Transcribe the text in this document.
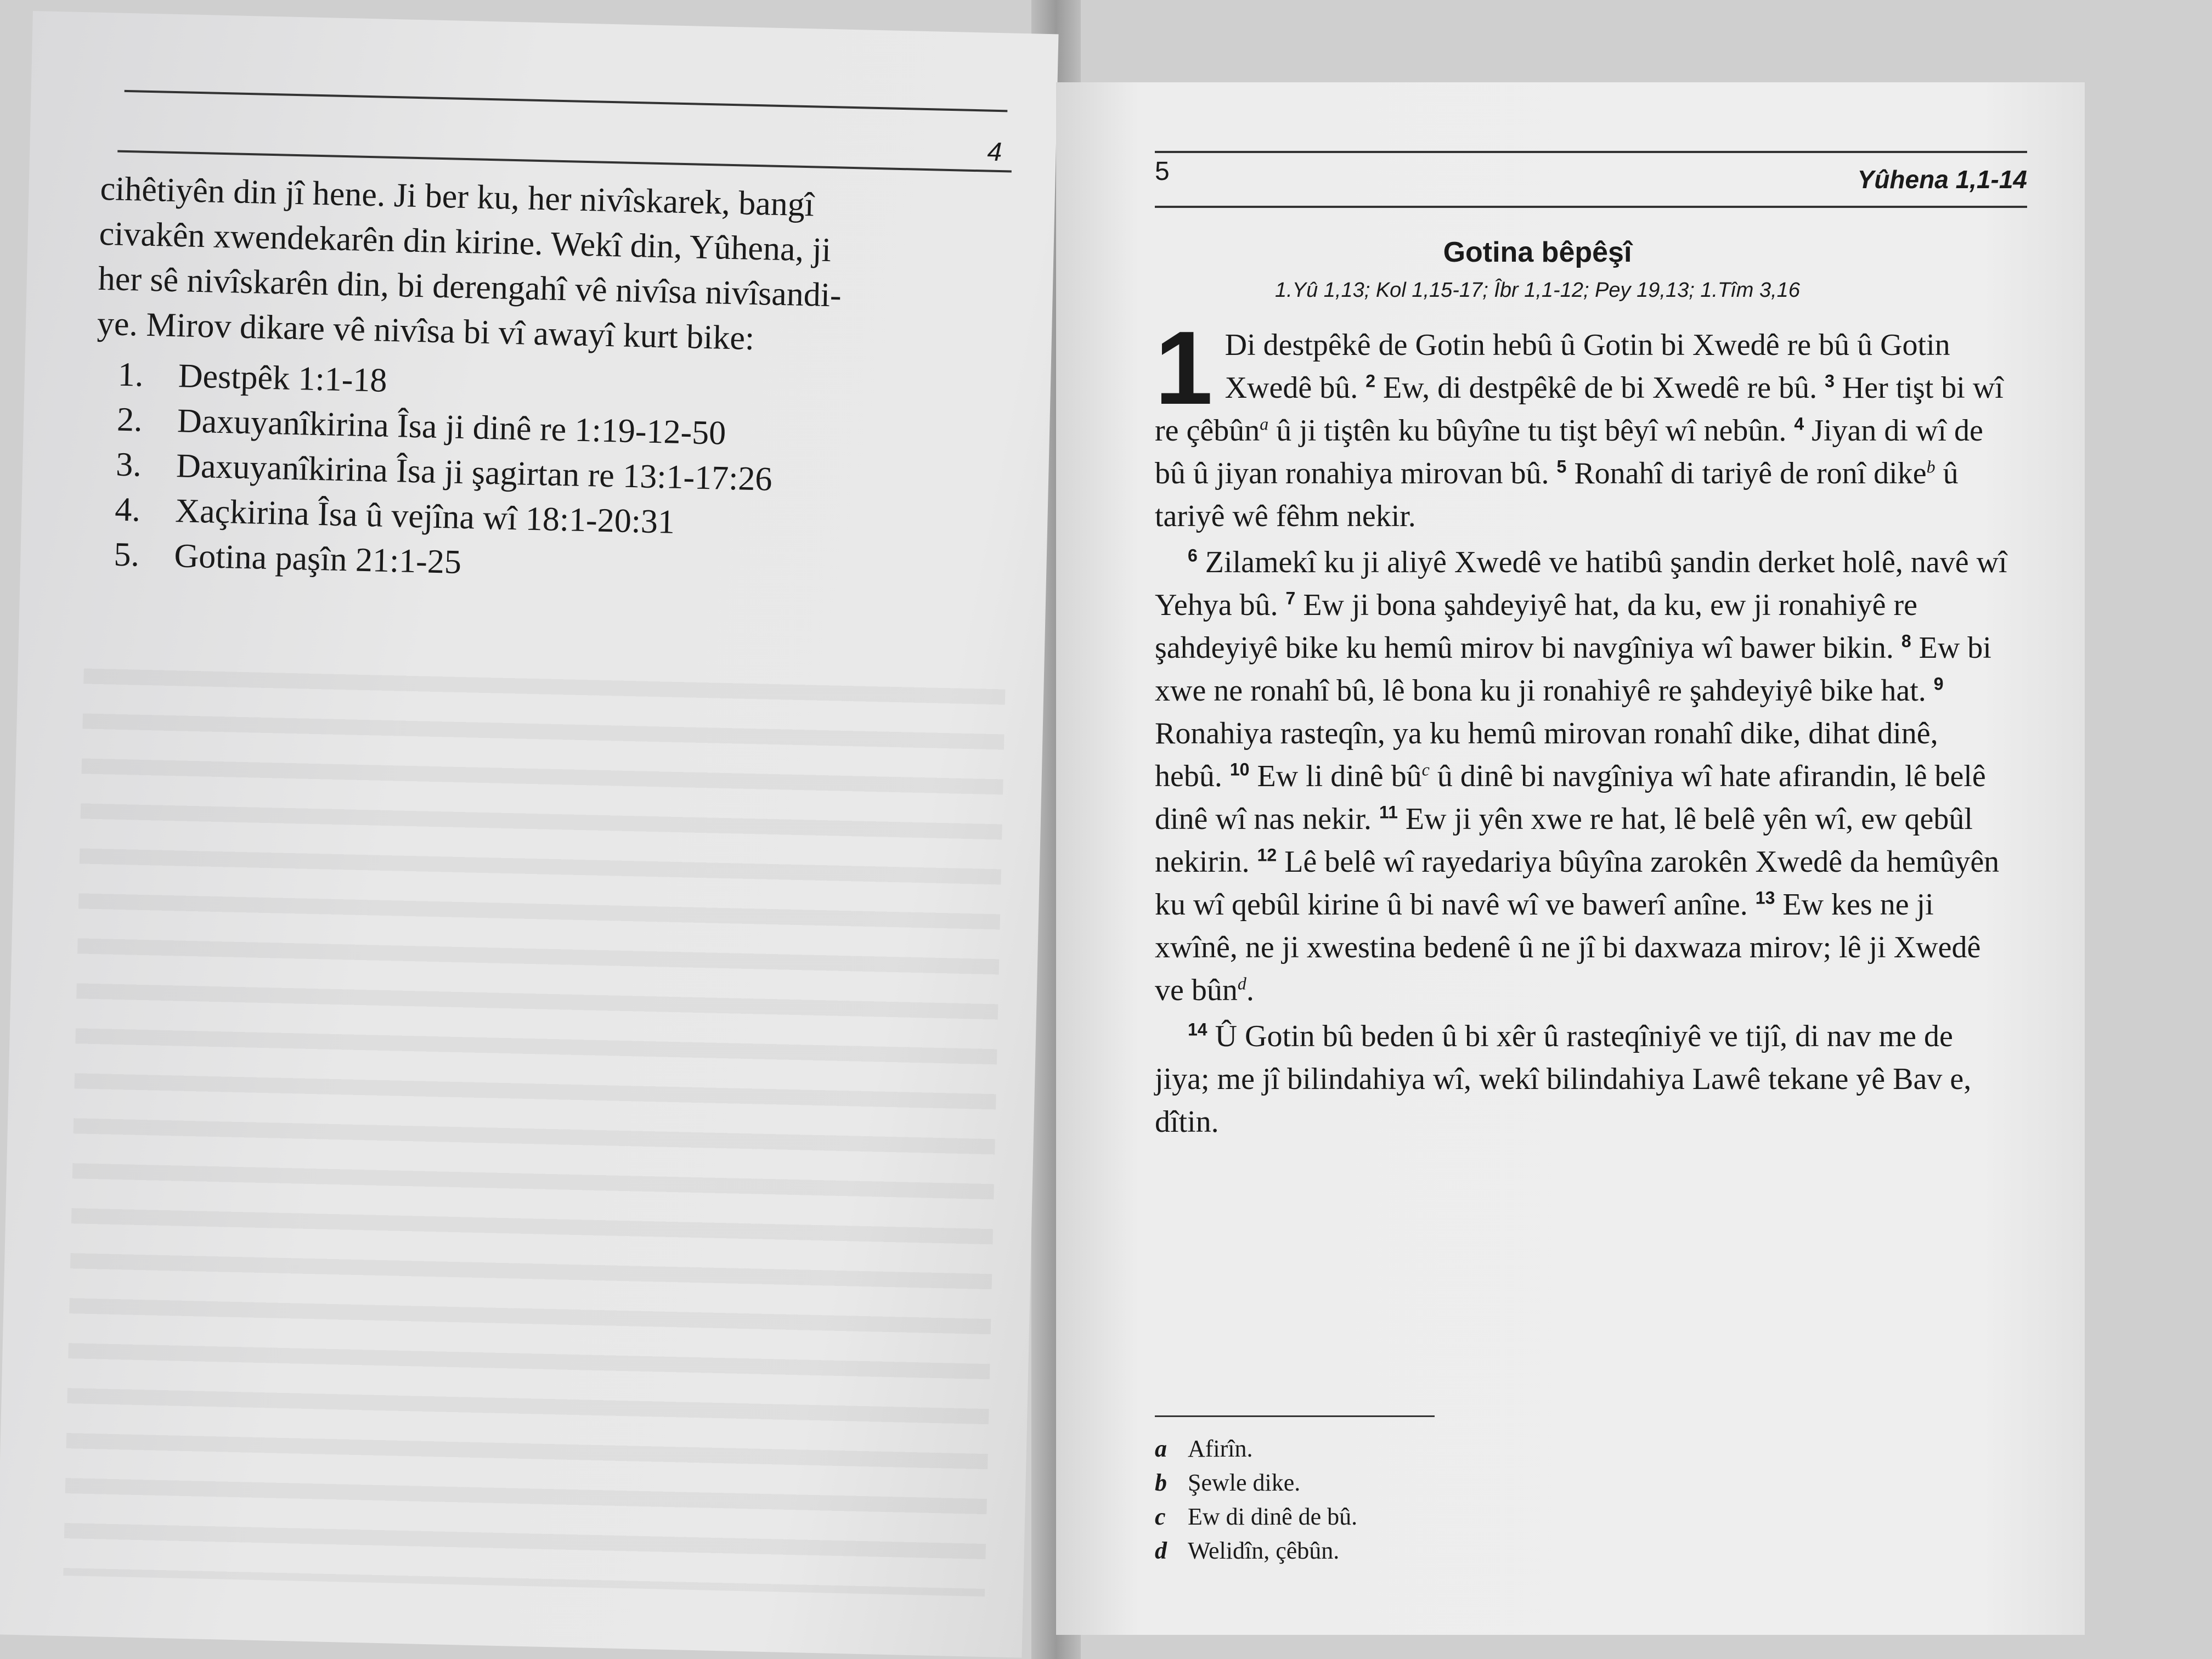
4
cihêtiyên din jî hene. Ji ber ku, her nivîskarek, bangî
civakên xwendekarên din kirine. Wekî din, Yûhena, ji
her sê nivîskarên din, bi derengahî vê nivîsa nivîsandi-
ye. Mirov dikare vê nivîsa bi vî awayî kurt bike:
1. Destpêk 1:1-18
2. Daxuyanîkirina Îsa ji dinê re 1:19-12-50
3. Daxuyanîkirina Îsa ji şagirtan re 13:1-17:26
4. Xaçkirina Îsa û vejîna wî 18:1-20:31
5. Gotina paşîn 21:1-25
5	Yûhena 1,1-14
Gotina bêpêşî
1.Yû 1,13; Kol 1,15-17; Îbr 1,1-12; Pey 19,13; 1.Tîm 3,16

1 Di destpêkê de Gotin hebû û Gotin bi Xwedê re bû û Gotin Xwedê bû. $^2$ Ew, di destpêkê de bi Xwedê re bû. $^3$ Her tişt bi wî re çêbûn$^a$ û ji tiştên ku bûyîne tu tişt bêyî wî nebûn. $^4$ Jiyan di wî de bû û jiyan ronahiya mirovan bû. $^5$ Ronahî di tariyê de ronî dike$^b$ û tariyê wê fêhm nekir.

$^6$ Zilamekî ku ji aliyê Xwedê ve hatibû şandin derket holê, navê wî Yehya bû. $^7$ Ew ji bona şahdeyiyê hat, da ku, ew ji ronahiyê re şahdeyiyê bike ku hemû mirov bi navgîniya wî bawer bikin. $^8$ Ew bi xwe ne ronahî bû, lê bona ku ji ronahiyê re şahdeyiyê bike hat. $^9$ Ronahiya rasteqîn, ya ku hemû mirovan ronahî dike, dihat dinê, hebû. $^{10}$ Ew li dinê bû$^c$ û dinê bi navgîniya wî hate afirandin, lê belê dinê wî nas nekir. $^{11}$ Ew ji yên xwe re hat, lê belê yên wî, ew qebûl nekirin. $^{12}$ Lê belê wî rayedariya bûyîna zarokên Xwedê da hemûyên ku wî qebûl kirine û bi navê wî ve bawerî anîne. $^{13}$ Ew kes ne ji xwînê, ne ji xwestina bedenê û ne jî bi daxwaza mirov; lê ji Xwedê ve bûn$^d$.

$^{14}$ Û Gotin bû beden û bi xêr û rasteqîniyê ve tijî, di nav me de jiya; me jî bilindahiya wî, wekî bilindahiya Lawê tekane yê Bav e, dîtin.

a Afirîn.
b Şewle dike.
c Ew di dinê de bû.
d Welidîn, çêbûn.
